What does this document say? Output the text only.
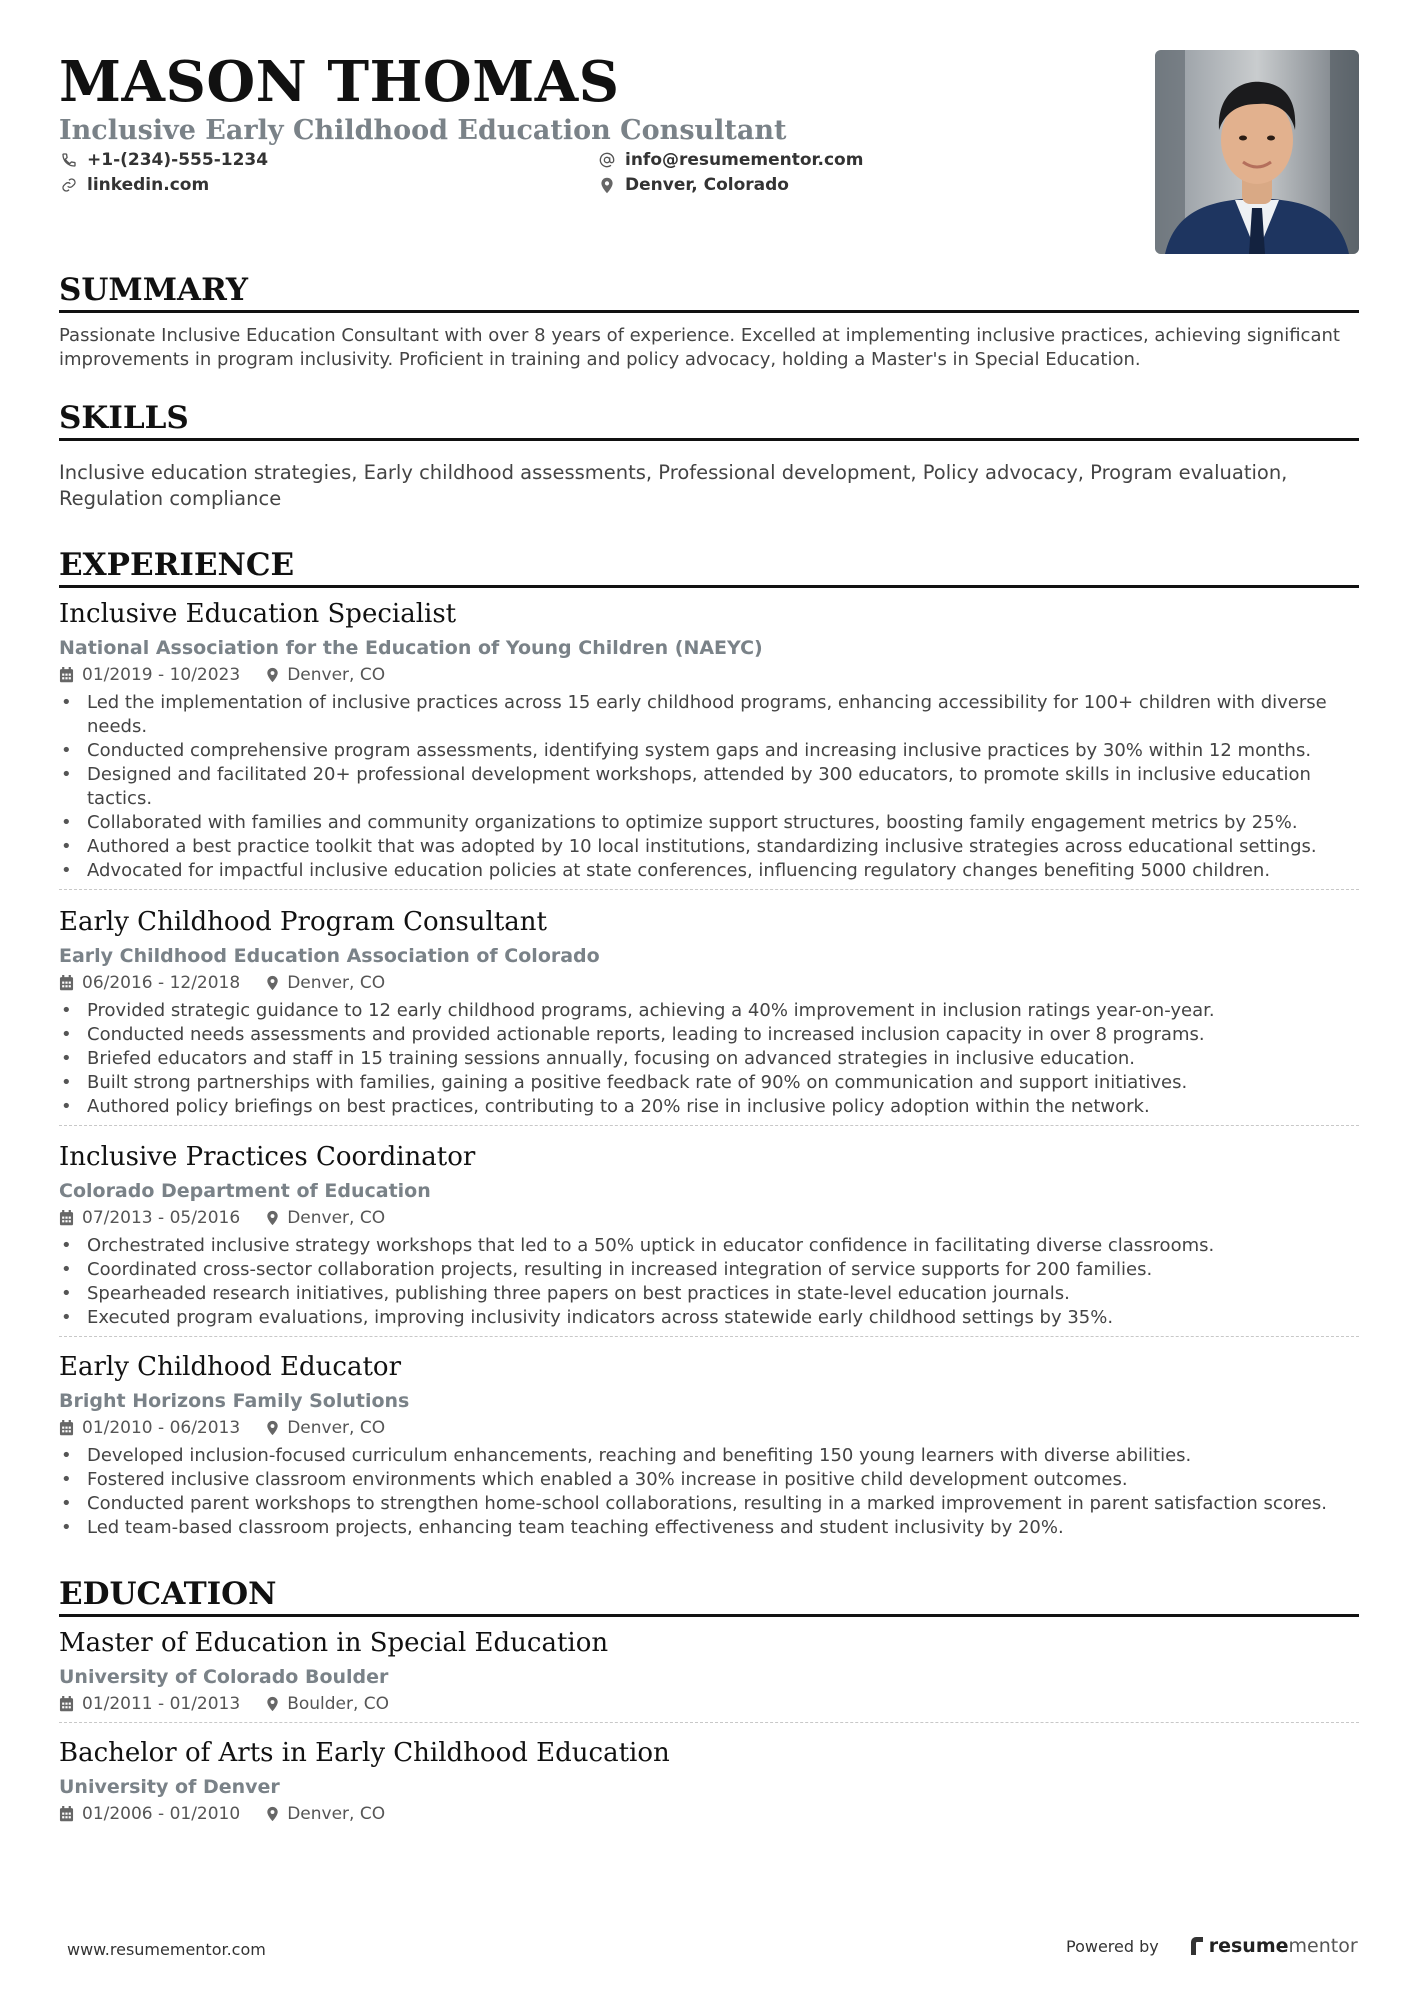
MASON THOMAS
Inclusive Early Childhood Education Consultant
+1-(234)-555-1234
linkedin.com
info@resumementor.com
Denver, Colorado
SUMMARY
Passionate Inclusive Education Consultant with over 8 years of experience. Excelled at implementing inclusive practices, achieving significant improvements in program inclusivity. Proficient in training and policy advocacy, holding a Master's in Special Education.
SKILLS
Inclusive education strategies, Early childhood assessments, Professional development, Policy advocacy, Program evaluation, Regulation compliance
EXPERIENCE
Inclusive Education Specialist
National Association for the Education of Young Children (NAEYC)
01/2019 - 10/2023	Denver, CO
• Led the implementation of inclusive practices across 15 early childhood programs, enhancing accessibility for 100+ children with diverse needs.
• Conducted comprehensive program assessments, identifying system gaps and increasing inclusive practices by 30% within 12 months.
• Designed and facilitated 20+ professional development workshops, attended by 300 educators, to promote skills in inclusive education tactics.
• Collaborated with families and community organizations to optimize support structures, boosting family engagement metrics by 25%.
• Authored a best practice toolkit that was adopted by 10 local institutions, standardizing inclusive strategies across educational settings.
• Advocated for impactful inclusive education policies at state conferences, influencing regulatory changes benefiting 5000 children.
Early Childhood Program Consultant
Early Childhood Education Association of Colorado
06/2016 - 12/2018	Denver, CO
• Provided strategic guidance to 12 early childhood programs, achieving a 40% improvement in inclusion ratings year-on-year.
• Conducted needs assessments and provided actionable reports, leading to increased inclusion capacity in over 8 programs.
• Briefed educators and staff in 15 training sessions annually, focusing on advanced strategies in inclusive education.
• Built strong partnerships with families, gaining a positive feedback rate of 90% on communication and support initiatives.
• Authored policy briefings on best practices, contributing to a 20% rise in inclusive policy adoption within the network.
Inclusive Practices Coordinator
Colorado Department of Education
07/2013 - 05/2016	Denver, CO
• Orchestrated inclusive strategy workshops that led to a 50% uptick in educator confidence in facilitating diverse classrooms.
• Coordinated cross-sector collaboration projects, resulting in increased integration of service supports for 200 families.
• Spearheaded research initiatives, publishing three papers on best practices in state-level education journals.
• Executed program evaluations, improving inclusivity indicators across statewide early childhood settings by 35%.
Early Childhood Educator
Bright Horizons Family Solutions
01/2010 - 06/2013	Denver, CO
• Developed inclusion-focused curriculum enhancements, reaching and benefiting 150 young learners with diverse abilities.
• Fostered inclusive classroom environments which enabled a 30% increase in positive child development outcomes.
• Conducted parent workshops to strengthen home-school collaborations, resulting in a marked improvement in parent satisfaction scores.
• Led team-based classroom projects, enhancing team teaching effectiveness and student inclusivity by 20%.
EDUCATION
Master of Education in Special Education
University of Colorado Boulder
01/2011 - 01/2013	Boulder, CO
Bachelor of Arts in Early Childhood Education
University of Denver
01/2006 - 01/2010	Denver, CO
www.resumementor.com	Powered by	resume mentor
